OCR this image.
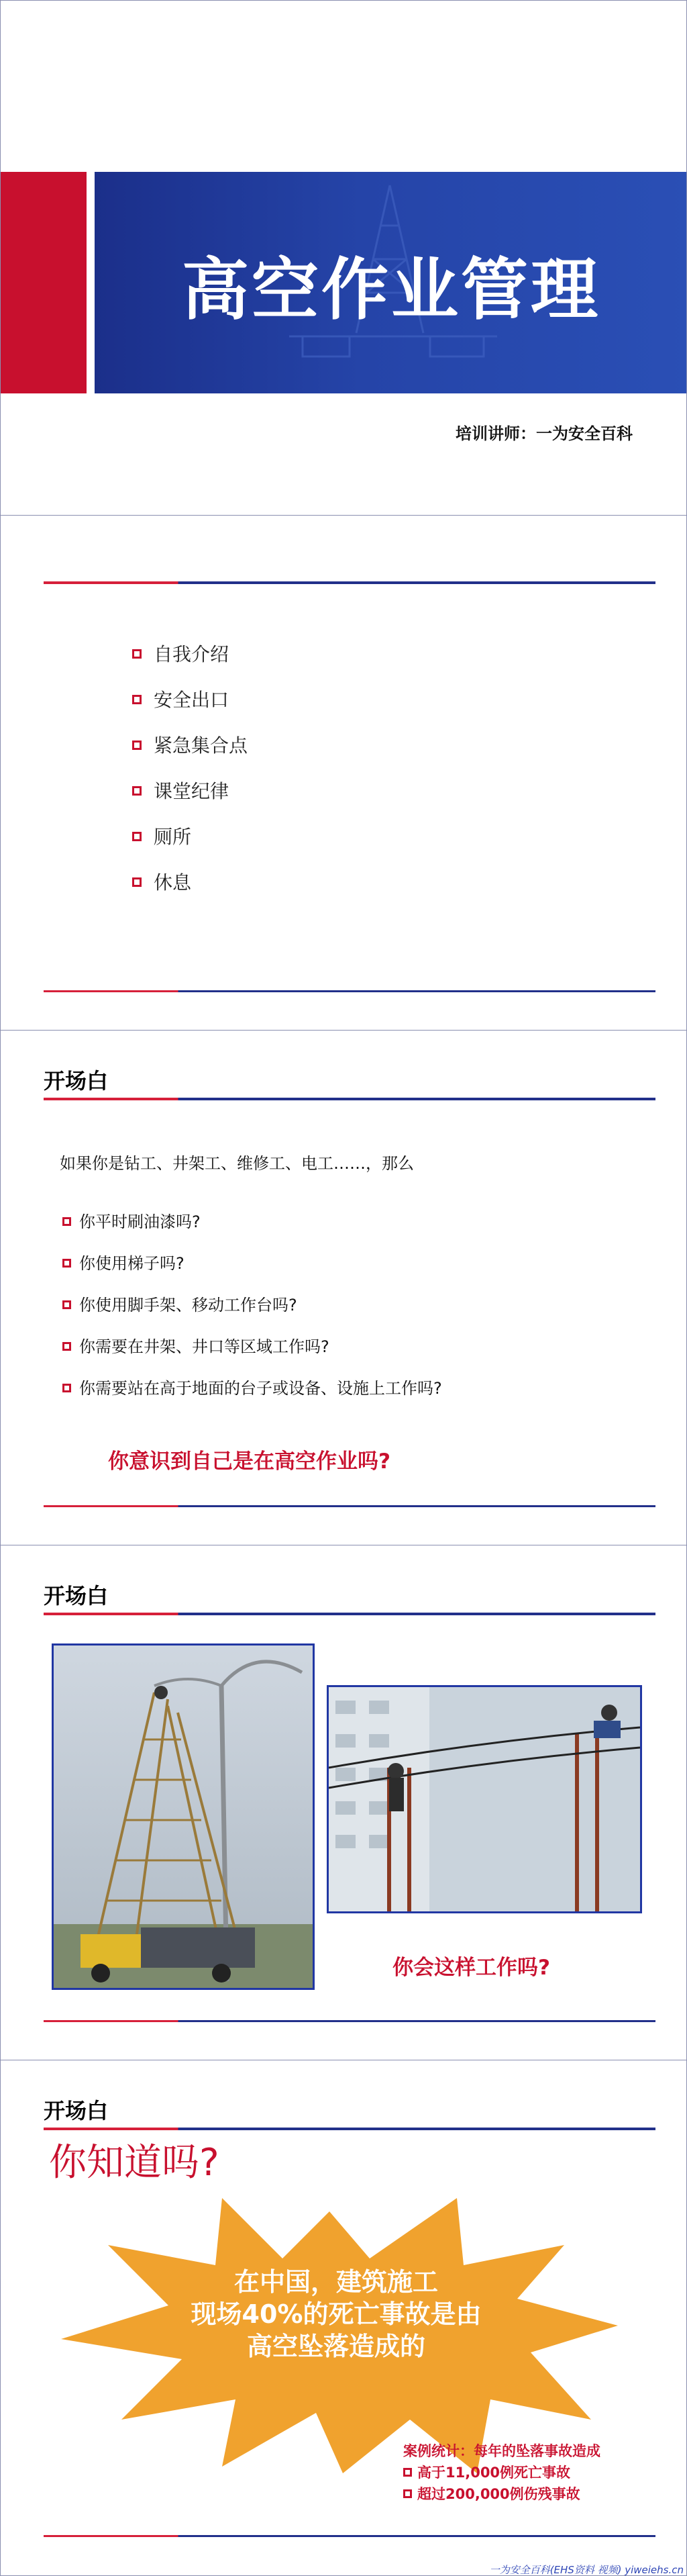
高空作业管理
培训讲师：一为安全百科
自我介绍
安全出口
紧急集合点
课堂纪律
厕所
休息
开场白
如果你是钻工、井架工、维修工、电工……，那么
你平时刷油漆吗?
你使用梯子吗?
你使用脚手架、移动工作台吗?
你需要在井架、井口等区域工作吗?
你需要站在高于地面的台子或设备、设施上工作吗?
你意识到自己是在高空作业吗?
开场白
你会这样工作吗?
开场白
你知道吗?
在中国，建筑施工
现场40%的死亡事故是由
高空坠落造成的
案例统计：每年的坠落事故造成
高于11,000例死亡事故
超过200,000例伤残事故
一为安全百科(EHS资料 视频) yiweiehs.cn
